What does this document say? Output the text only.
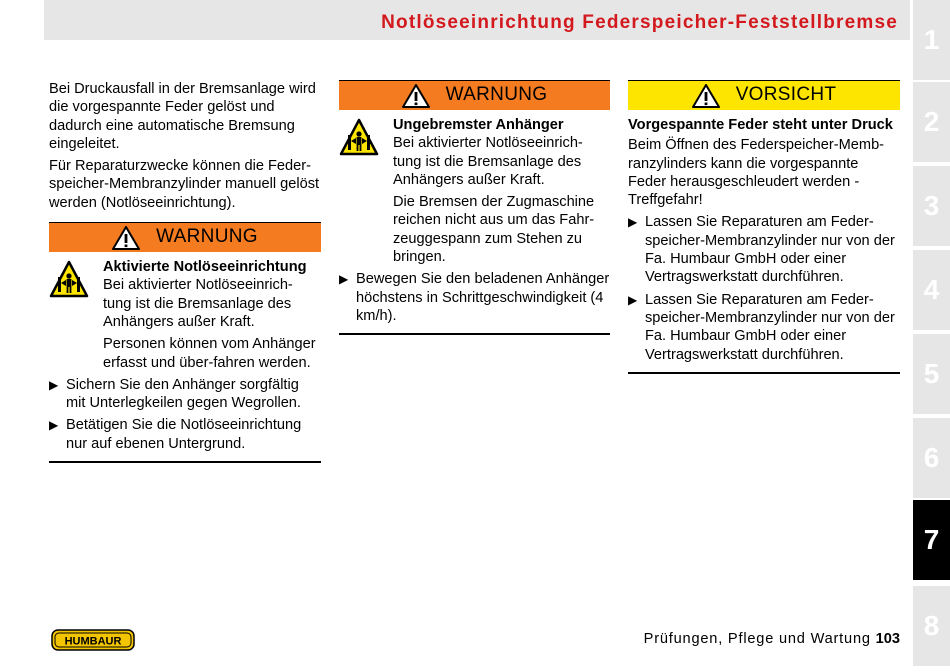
Notlöseeinrichtung Federspeicher-Feststellbremse
1
2
3
4
5
6
7
8

Bei Druckausfall in der Bremsanlage wird die vorgespannte Feder gelöst und dadurch eine automatische Bremsung eingeleitet.

Für Reparaturzwecke können die Feder-speicher-Membranzylinder manuell gelöst werden (Notlöseeinrichtung).

WARNUNG
Aktivierte Notlöseeinrichtung
Bei aktivierter Notlöseeinrich-tung ist die Bremsanlage des Anhängers außer Kraft.
Personen können vom Anhänger erfasst und über-fahren werden.
▶ Sichern Sie den Anhänger sorgfältig mit Unterlegkeilen gegen Wegrollen.
▶ Betätigen Sie die Notlöseeinrichtung nur auf ebenen Untergrund.
WARNUNG
Ungebremster Anhänger
Bei aktivierter Notlöseeinrich-tung ist die Bremsanlage des Anhängers außer Kraft.
Die Bremsen der Zugmaschine reichen nicht aus um das Fahr-zeuggespann zum Stehen zu bringen.
▶ Bewegen Sie den beladenen Anhänger höchstens in Schrittgeschwindigkeit (4 km/h).
VORSICHT
Vorgespannte Feder steht unter Druck
Beim Öffnen des Federspeicher-Memb-ranzylinders kann die vorgespannte Feder herausgeschleudert werden - Treffgefahr!
▶ Lassen Sie Reparaturen am Feder-speicher-Membranzylinder nur von der Fa. Humbaur GmbH oder einer Vertragswerkstatt durchführen.
▶ Lassen Sie Reparaturen am Feder-speicher-Membranzylinder nur von der Fa. Humbaur GmbH oder einer Vertragswerkstatt durchführen.
HUMBAUR	Prüfungen, Pflege und Wartung 103
